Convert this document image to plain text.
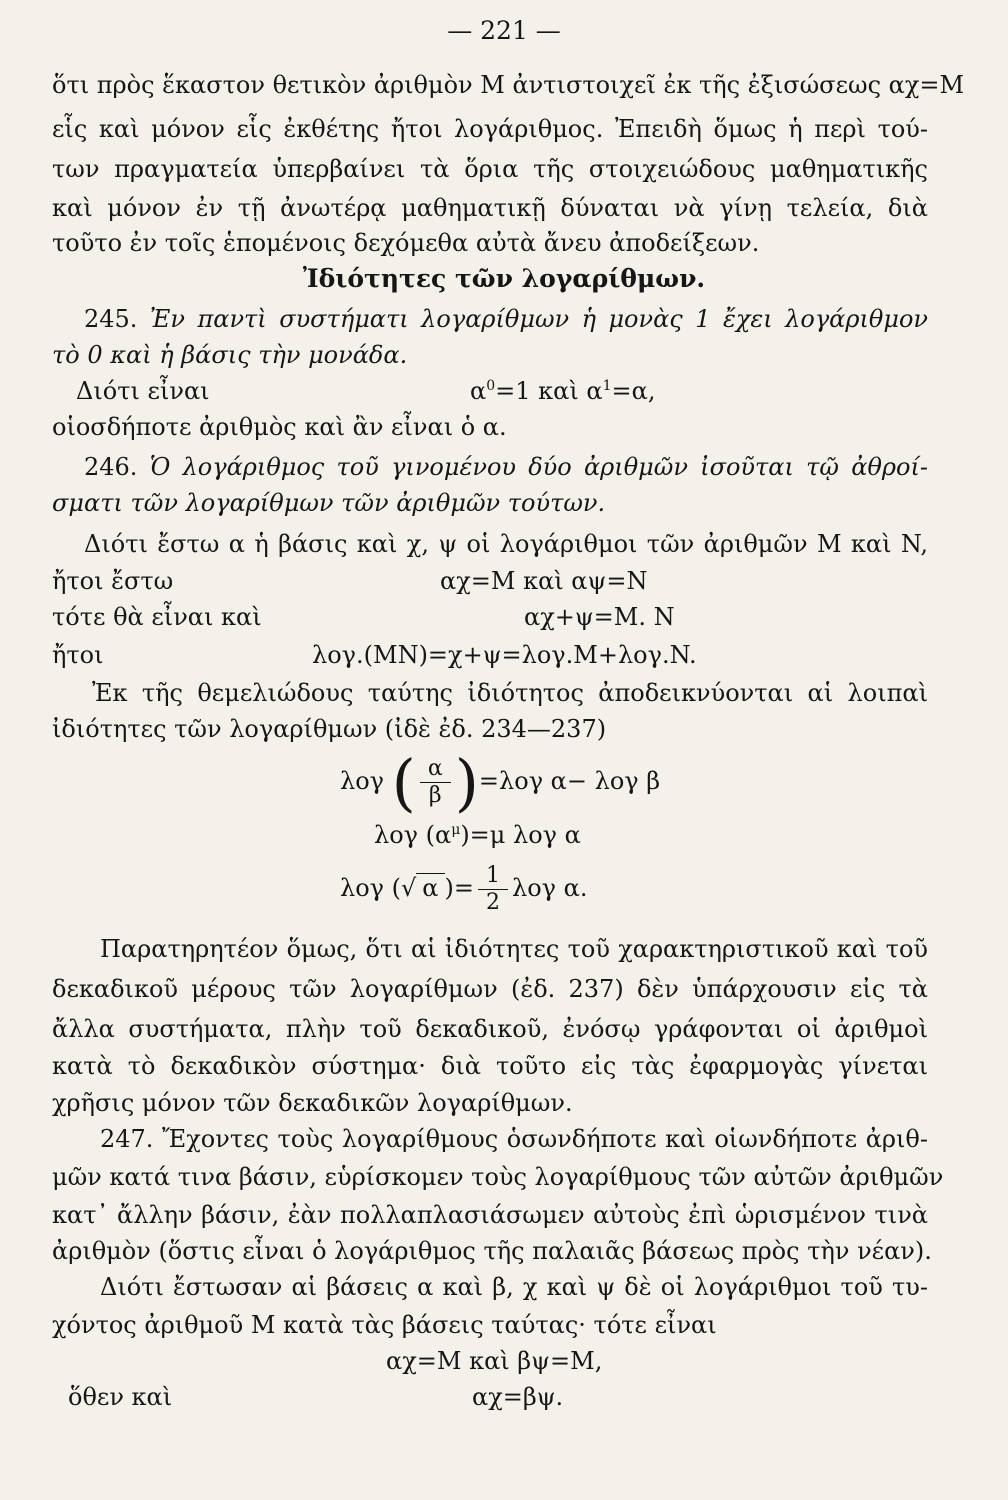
— 221 —
ὅτι πρὸς ἕκαστον θετικὸν ἀριθμὸν M ἀντιστοιχεῖ ἐκ τῆς ἐξισώσεως αχ=M
εἷς καὶ μόνον εἷς ἐκθέτης ἤτοι λογάριθμος. Ἐπειδὴ ὅμως ἡ περὶ τού-
των πραγματεία ὑπερβαίνει τὰ ὅρια τῆς στοιχειώδους μαθηματικῆς
καὶ μόνον ἐν τῇ ἀνωτέρᾳ μαθηματικῇ δύναται νὰ γίνῃ τελεία, διὰ
τοῦτο ἐν τοῖς ἑπομένοις δεχόμεθα αὐτὰ ἄνευ ἀποδείξεων.
Ἰδιότητες τῶν λογαρίθμων.
245. Ἐν παντὶ συστήματι λογαρίθμων ἡ μονὰς 1 ἔχει λογάριθμον
τὸ 0 καὶ ἡ βάσις τὴν μονάδα.
Διότι εἶναι	$\alpha^0=1$ καὶ $\alpha^1=\alpha$,
οἱοσδήποτε ἀριθμὸς καὶ ἂν εἶναι ὁ α.
246. Ὁ λογάριθμος τοῦ γινομένου δύο ἀριθμῶν ἰσοῦται τῷ ἀθροί-
σματι τῶν λογαρίθμων τῶν ἀριθμῶν τούτων.
Διότι ἔστω α ἡ βάσις καὶ χ, ψ οἱ λογάριθμοι τῶν ἀριθμῶν M καὶ N,
ἤτοι ἔστω	αχ=M καὶ αψ=N
τότε θὰ εἶναι καὶ	αχ+ψ=M. N
ἤτοι	λογ.(MN)=χ+ψ=λογ.M+λογ.N.
Ἐκ τῆς θεμελιώδους ταύτης ἰδιότητος ἀποδεικνύονται αἱ λοιπαὶ
ἰδιότητες τῶν λογαρίθμων (ἰδὲ ἐδ. 234—237)
λογ ( $\frac{\alpha}{\beta} )=\lambda o\gamma$ α− λογ β
λογ $(\alpha^\mu)=\mu$ λογ α
λογ (√ α )= $\frac{1}{2}$ λογ α.
Παρατηρητέον ὅμως, ὅτι αἱ ἰδιότητες τοῦ χαρακτηριστικοῦ καὶ τοῦ
δεκαδικοῦ μέρους τῶν λογαρίθμων (ἐδ. 237) δὲν ὑπάρχουσιν εἰς τὰ
ἄλλα συστήματα, πλὴν τοῦ δεκαδικοῦ, ἐνόσῳ γράφονται οἱ ἀριθμοὶ
κατὰ τὸ δεκαδικὸν σύστημα· διὰ τοῦτο εἰς τὰς ἐφαρμογὰς γίνεται
χρῆσις μόνον τῶν δεκαδικῶν λογαρίθμων.
247. Ἔχοντες τοὺς λογαρίθμους ὁσωνδήποτε καὶ οἱωνδήποτε ἀριθ-
μῶν κατά τινα βάσιν, εὑρίσκομεν τοὺς λογαρίθμους τῶν αὐτῶν ἀριθμῶν
κατ᾽ ἄλλην βάσιν, ἐὰν πολλαπλασιάσωμεν αὐτοὺς ἐπὶ ὡρισμένον τινὰ
ἀριθμὸν (ὅστις εἶναι ὁ λογάριθμος τῆς παλαιᾶς βάσεως πρὸς τὴν νέαν).
Διότι ἔστωσαν αἱ βάσεις α καὶ β, χ καὶ ψ δὲ οἱ λογάριθμοι τοῦ τυ-
χόντος ἀριθμοῦ M κατὰ τὰς βάσεις ταύτας· τότε εἶναι
αχ=M καὶ βψ=M,
ὅθεν καὶ	αχ=βψ.
